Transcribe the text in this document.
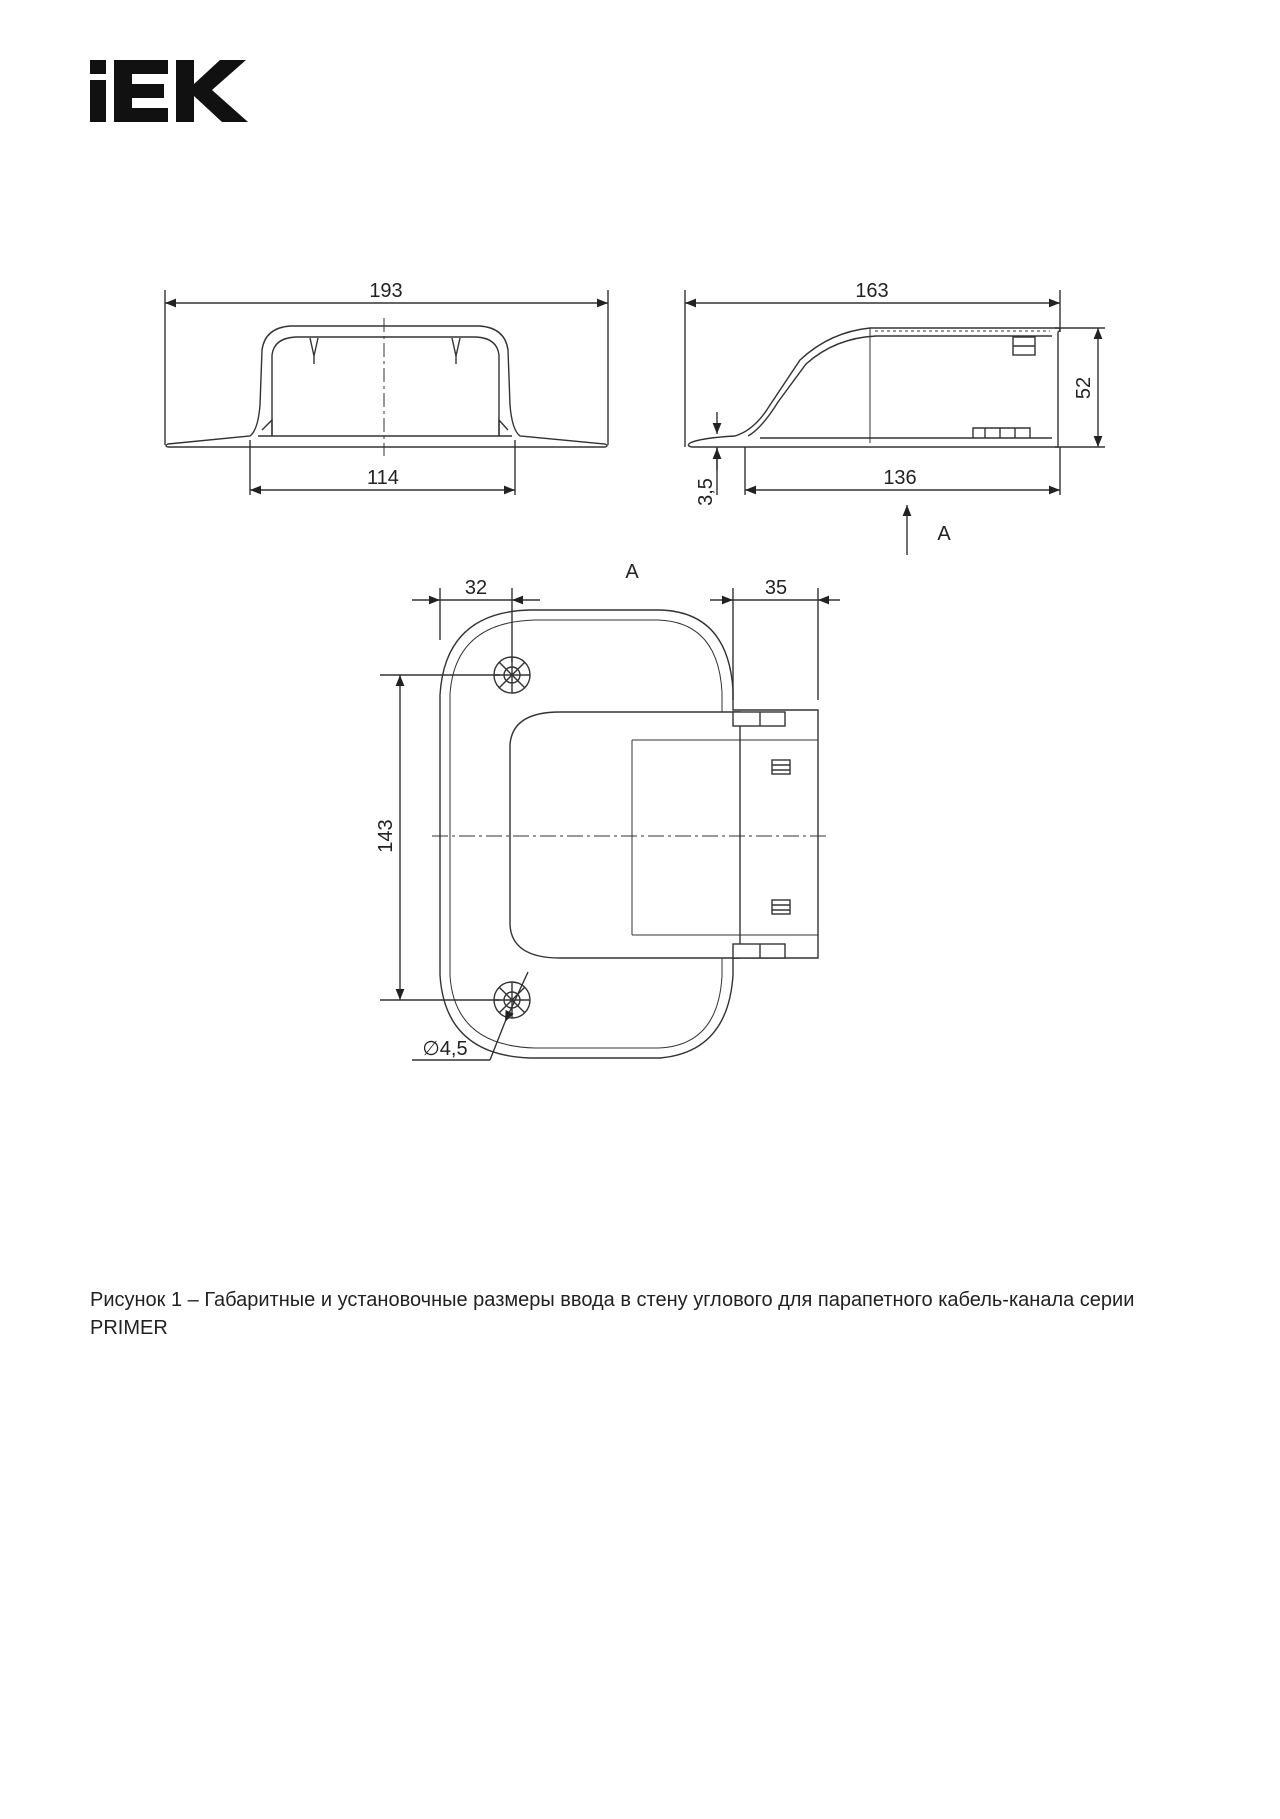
193
114
163
52
136
3,5
A
A
32	35
143
∅4,5
Рисунок 1 – Габаритные и установочные размеры ввода в стену углового для парапетного кабель-канала серии
PRIMER
